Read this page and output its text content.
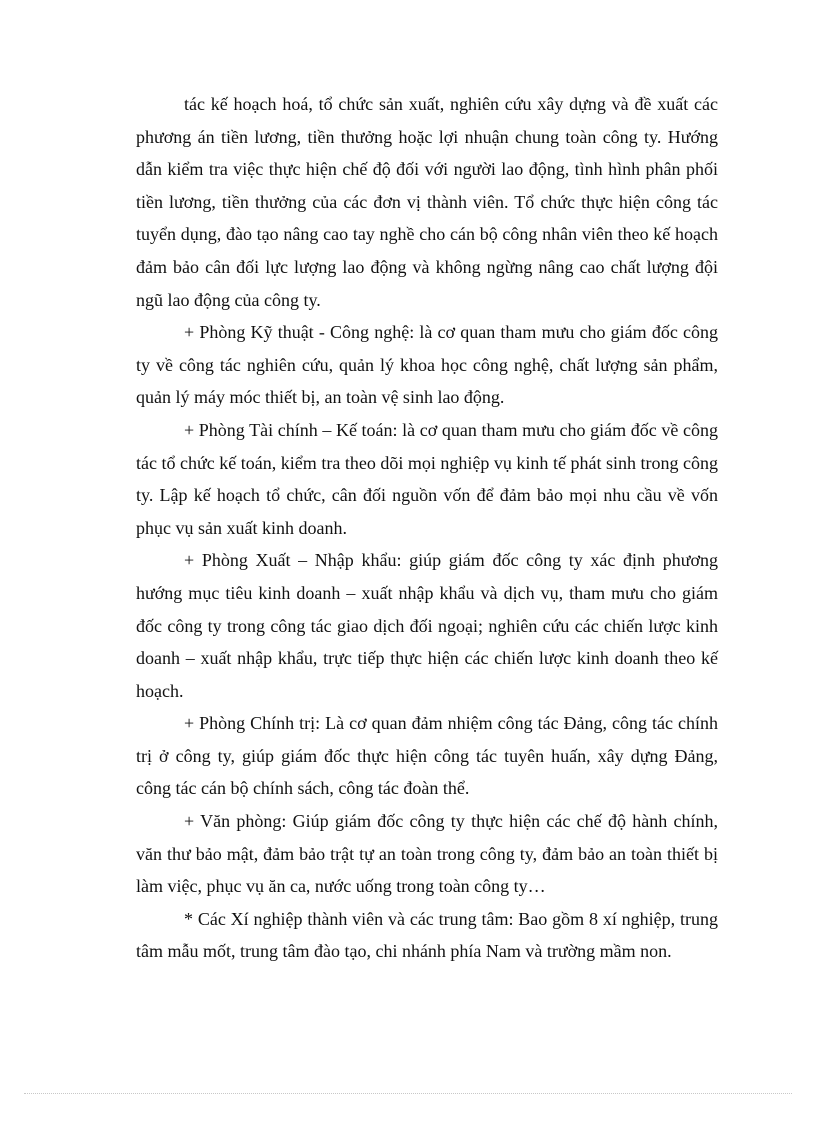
tác kế hoạch hoá, tổ chức sản xuất, nghiên cứu xây dựng và đề xuất các phương án tiền lương, tiền thưởng hoặc lợi nhuận chung toàn công ty. Hướng dẫn kiểm tra việc thực hiện chế độ đối với người lao động, tình hình phân phối tiền lương, tiền thưởng của các đơn vị thành viên. Tổ chức thực hiện công tác tuyển dụng, đào tạo nâng cao tay nghề cho cán bộ công nhân viên theo kế hoạch đảm bảo cân đối lực lượng lao động và không ngừng nâng cao chất lượng đội ngũ lao động của công ty.

+ Phòng Kỹ thuật - Công nghệ: là cơ quan tham mưu cho giám đốc công ty về công tác nghiên cứu, quản lý khoa học công nghệ, chất lượng sản phẩm, quản lý máy móc thiết bị, an toàn vệ sinh lao động.

+ Phòng Tài chính – Kế toán: là cơ quan tham mưu cho giám đốc về công tác tổ chức kế toán, kiểm tra theo dõi mọi nghiệp vụ kinh tế phát sinh trong công ty. Lập kế hoạch tổ chức, cân đối nguồn vốn để đảm bảo mọi nhu cầu về vốn phục vụ sản xuất kinh doanh.

+ Phòng Xuất – Nhập khẩu: giúp giám đốc công ty xác định phương hướng mục tiêu kinh doanh – xuất nhập khẩu và dịch vụ, tham mưu cho giám đốc công ty trong công tác giao dịch đối ngoại; nghiên cứu các chiến lược kinh doanh – xuất nhập khẩu, trực tiếp thực hiện các chiến lược kinh doanh theo kế hoạch.

+ Phòng Chính trị: Là cơ quan đảm nhiệm công tác Đảng, công tác chính trị ở công ty, giúp giám đốc thực hiện công tác tuyên huấn, xây dựng Đảng, công tác cán bộ chính sách, công tác đoàn thể.

+ Văn phòng: Giúp giám đốc công ty thực hiện các chế độ hành chính, văn thư bảo mật, đảm bảo trật tự an toàn trong công ty, đảm bảo an toàn thiết bị làm việc, phục vụ ăn ca, nước uống trong toàn công ty…

* Các Xí nghiệp thành viên và các trung tâm: Bao gồm 8 xí nghiệp, trung tâm mẫu mốt, trung tâm đào tạo, chi nhánh phía Nam và trường mầm non.
